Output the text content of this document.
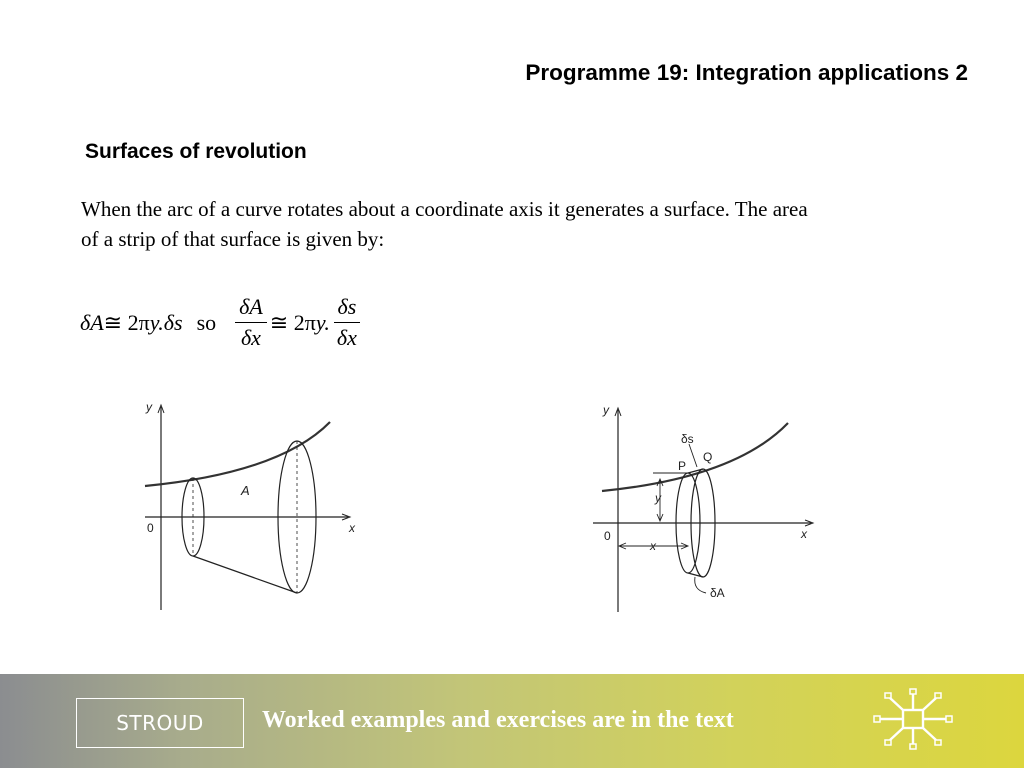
Programme 19: Integration applications 2
Surfaces of revolution
When the arc of a curve rotates about a coordinate axis it generates a surface. The area of a strip of that surface is given by:
δA ≅ 2π y.δs so $\frac{\delta A}{\delta x}$ ≅ 2π y. $\frac{\delta s}{\delta x}$
y
x
0
A
y
x
0
δs
P
Q
y
x
δA
STROUD Worked examples and exercises are in the text
